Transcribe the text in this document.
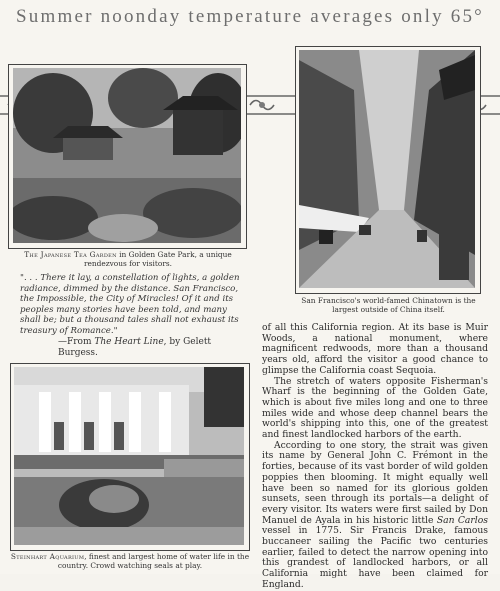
Summer noonday temperature averages only 65°
The Japanese Tea Garden in Golden Gate Park, a unique rendezvous for visitors.
San Francisco's world-famed Chinatown is the largest outside of China itself.
". . . There it lay, a constellation of lights, a golden radiance, dimmed by the distance. San Francisco, the Impossible, the City of Miracles! Of it and its peoples many stories have been told, and many shall be; but a thousand tales shall not exhaust its treasury of Romance."
—From The Heart Line, by Gelett Burgess.
Steinhart Aquarium, finest and largest home of water life in the country. Crowd watching seals at play.

of all this California region. At its base is Muir Woods, a national monument, where magnificent redwoods, more than a thousand years old, afford the visitor a good chance to glimpse the California coast Sequoia.

The stretch of waters opposite Fisherman's Wharf is the beginning of the Golden Gate, which is about five miles long and one to three miles wide and whose deep channel bears the world's shipping into this, one of the greatest and finest landlocked harbors of the earth.

According to one story, the strait was given its name by General John C. Frémont in the forties, because of its vast border of wild golden poppies then blooming. It might equally well have been so named for its glorious golden sunsets, seen through its portals—a delight of every visitor. Its waters were first sailed by Don Manuel de Ayala in his historic little San Carlos vessel in 1775. Sir Francis Drake, famous buccaneer sailing the Pacific two centuries earlier, failed to detect the narrow opening into this grandest of landlocked harbors, or all California might have been claimed for England.
